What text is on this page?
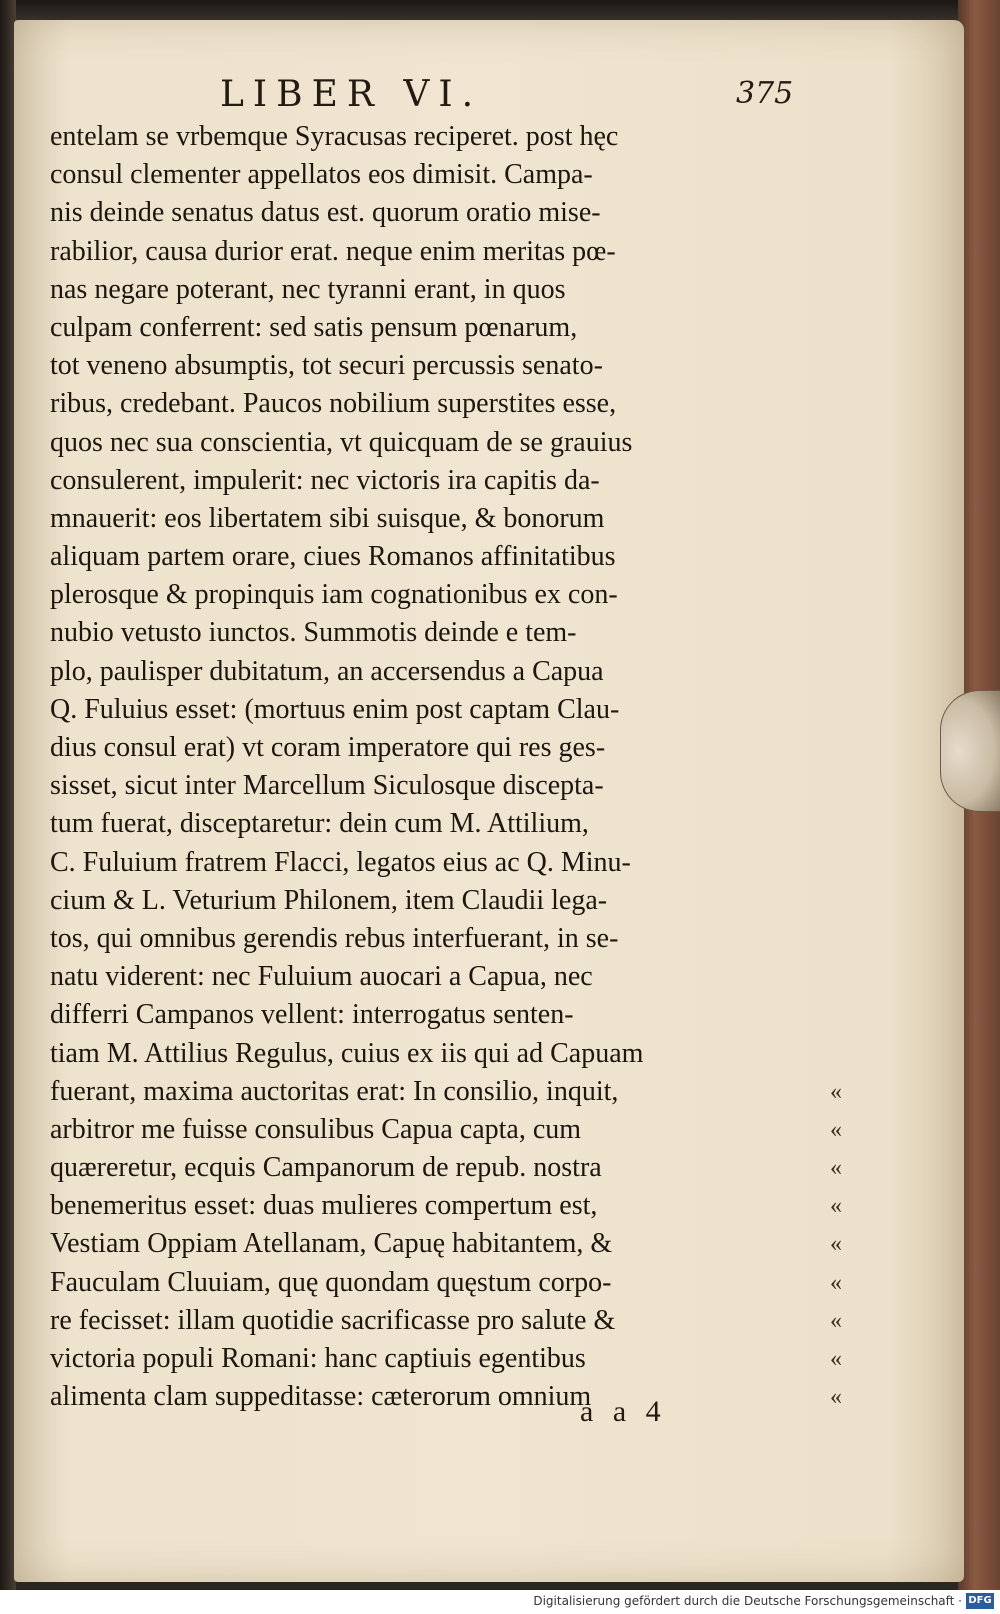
LIBER VI.	375
entelam se vrbemque Syracusas reciperet. post hęc
consul clementer appellatos eos dimisit. Campa-
nis deinde senatus datus est. quorum oratio mise-
rabilior, causa durior erat. neque enim meritas pœ-
nas negare poterant, nec tyranni erant, in quos
culpam conferrent: sed satis pensum pœnarum,
tot veneno absumptis, tot securi percussis senato-
ribus, credebant. Paucos nobilium superstites esse,
quos nec sua conscientia, vt quicquam de se grauius
consulerent, impulerit: nec victoris ira capitis da-
mnauerit: eos libertatem sibi suisque, & bonorum
aliquam partem orare, ciues Romanos affinitatibus
plerosque & propinquis iam cognationibus ex con-
nubio vetusto iunctos. Summotis deinde e tem-
plo, paulisper dubitatum, an accersendus a Capua
Q. Fuluius esset: (mortuus enim post captam Clau-
dius consul erat) vt coram imperatore qui res ges-
sisset, sicut inter Marcellum Siculosque discepta-
tum fuerat, disceptaretur: dein cum M. Attilium,
C. Fuluium fratrem Flacci, legatos eius ac Q. Minu-
cium & L. Veturium Philonem, item Claudii lega-
tos, qui omnibus gerendis rebus interfuerant, in se-
natu viderent: nec Fuluium auocari a Capua, nec
differri Campanos vellent: interrogatus senten-
tiam M. Attilius Regulus, cuius ex iis qui ad Capuam
fuerant, maxima auctoritas erat: In consilio, inquit,	«
arbitror me fuisse consulibus Capua capta, cum	«
quæreretur, ecquis Campanorum de repub. nostra	«
benemeritus esset: duas mulieres compertum est,	«
Vestiam Oppiam Atellanam, Capuę habitantem, &	«
Fauculam Cluuiam, quę quondam quęstum corpo-	«
re fecisset: illam quotidie sacrificasse pro salute &	«
victoria populi Romani: hanc captiuis egentibus	«
alimenta clam suppeditasse: cæterorum omnium	«
a a 4
Digitalisierung gefördert durch die Deutsche Forschungsgemeinschaft · DFG
